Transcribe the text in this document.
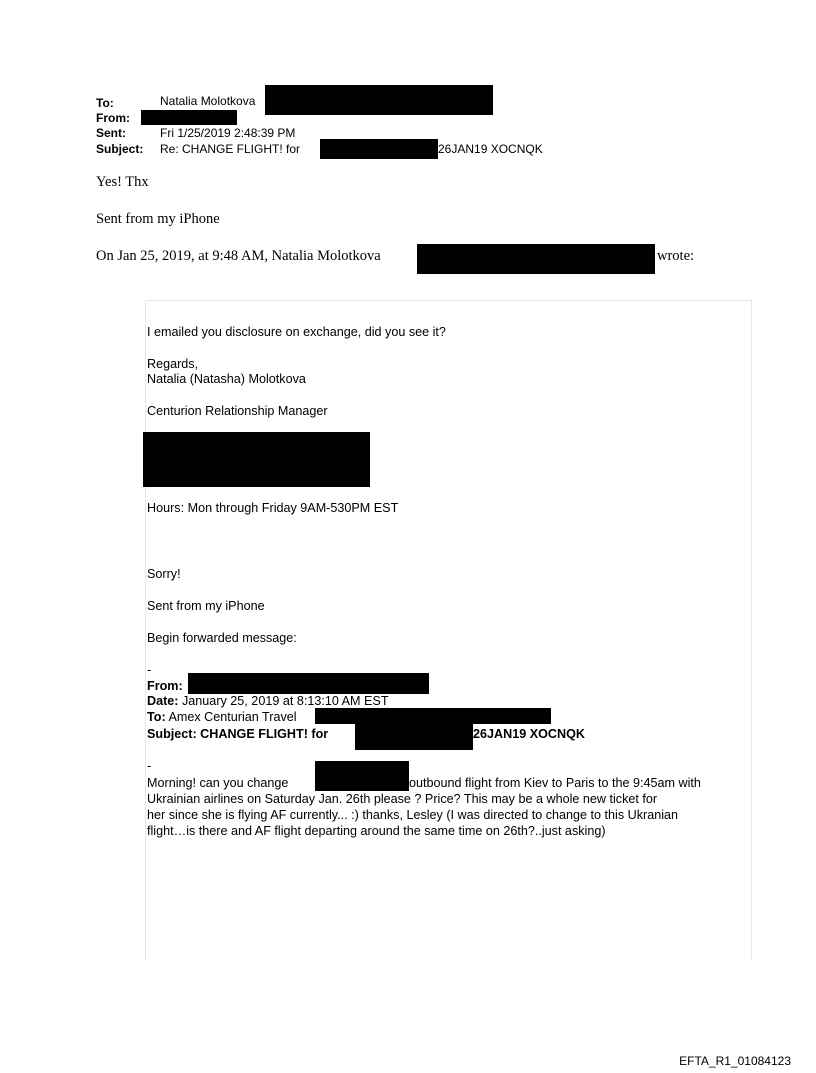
To:	Natalia Molotkova
From:
Sent:	Fri 1/25/2019 2:48:39 PM
Subject: Re: CHANGE FLIGHT! for	26JAN19 XOCNQK
Yes! Thx
Sent from my iPhone
On Jan 25, 2019, at 9:48 AM, Natalia Molotkova	wrote:
I emailed you disclosure on exchange, did you see it?
Regards,
Natalia (Natasha) Molotkova
Centurion Relationship Manager
Hours: Mon through Friday 9AM-530PM EST
Sorry!
Sent from my iPhone
Begin forwarded message:
-
From:
Date: January 25, 2019 at 8:13:10 AM EST
To: Amex Centurian Travel
Subject: CHANGE FLIGHT! for	26JAN19 XOCNQK
-
Morning! can you change	outbound flight from Kiev to Paris to the 9:45am with
Ukrainian airlines on Saturday Jan. 26th please ? Price? This may be a whole new ticket for
her since she is flying AF currently... :) thanks, Lesley (I was directed to change to this Ukranian
flight…is there and AF flight departing around the same time on 26th?..just asking)
EFTA_R1_01084123
